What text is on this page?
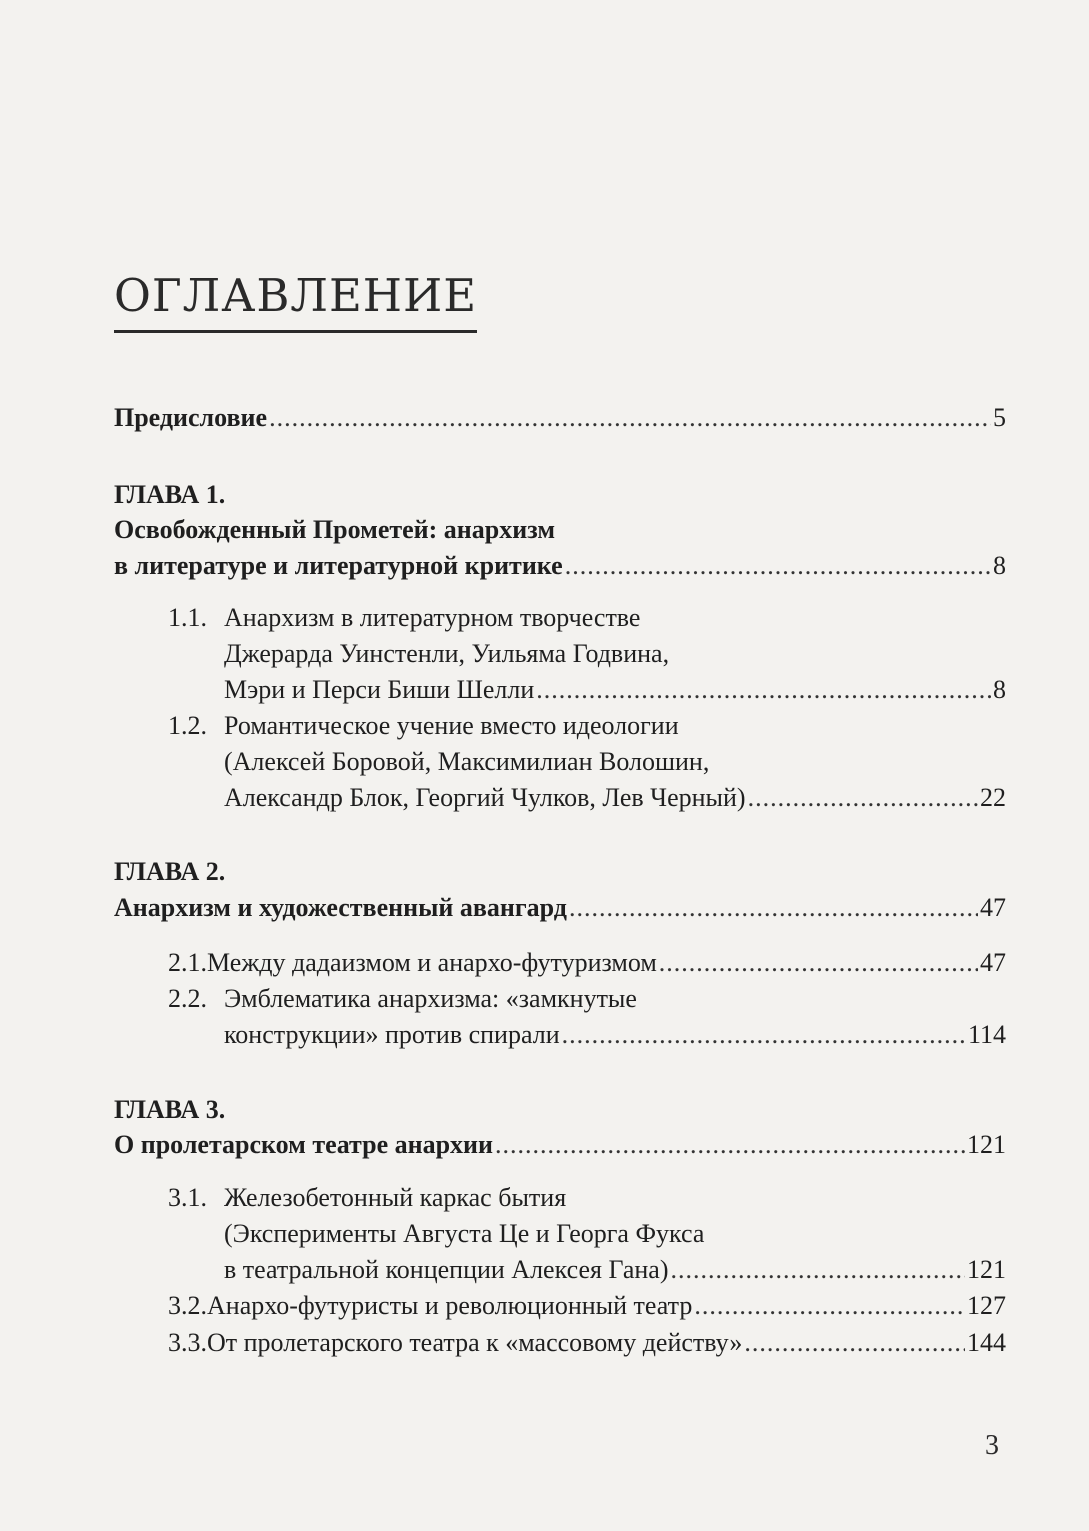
ОГЛАВЛЕНИЕ
Предисловие .....	5
ГЛАВА 1.
Освобожденный Прометей: анархизм
в литературе и литературной критике .....	8
1.1. Анархизм в литературном творчестве
Джерарда Уинстенли, Уильяма Годвина,
Мэри и Перси Биши Шелли .....	8
1.2. Романтическое учение вместо идеологии
(Алексей Боровой, Максимилиан Волошин,
Александр Блок, Георгий Чулков, Лев Черный) .....	22
ГЛАВА 2.
Анархизм и художественный авангард .....	47
2.1. Между дадаизмом и анархо-футуризмом .....	47
2.2. Эмблематика анархизма: «замкнутые
конструкции» против спирали .....	114
ГЛАВА 3.
О пролетарском театре анархии .....	121
3.1. Железобетонный каркас бытия
(Эксперименты Августа Це и Георга Фукса
в театральной концепции Алексея Гана) .....	121
3.2. Анархо-футуристы и революционный театр .....	127
3.3. От пролетарского театра к «массовому действу» .....	144
3
